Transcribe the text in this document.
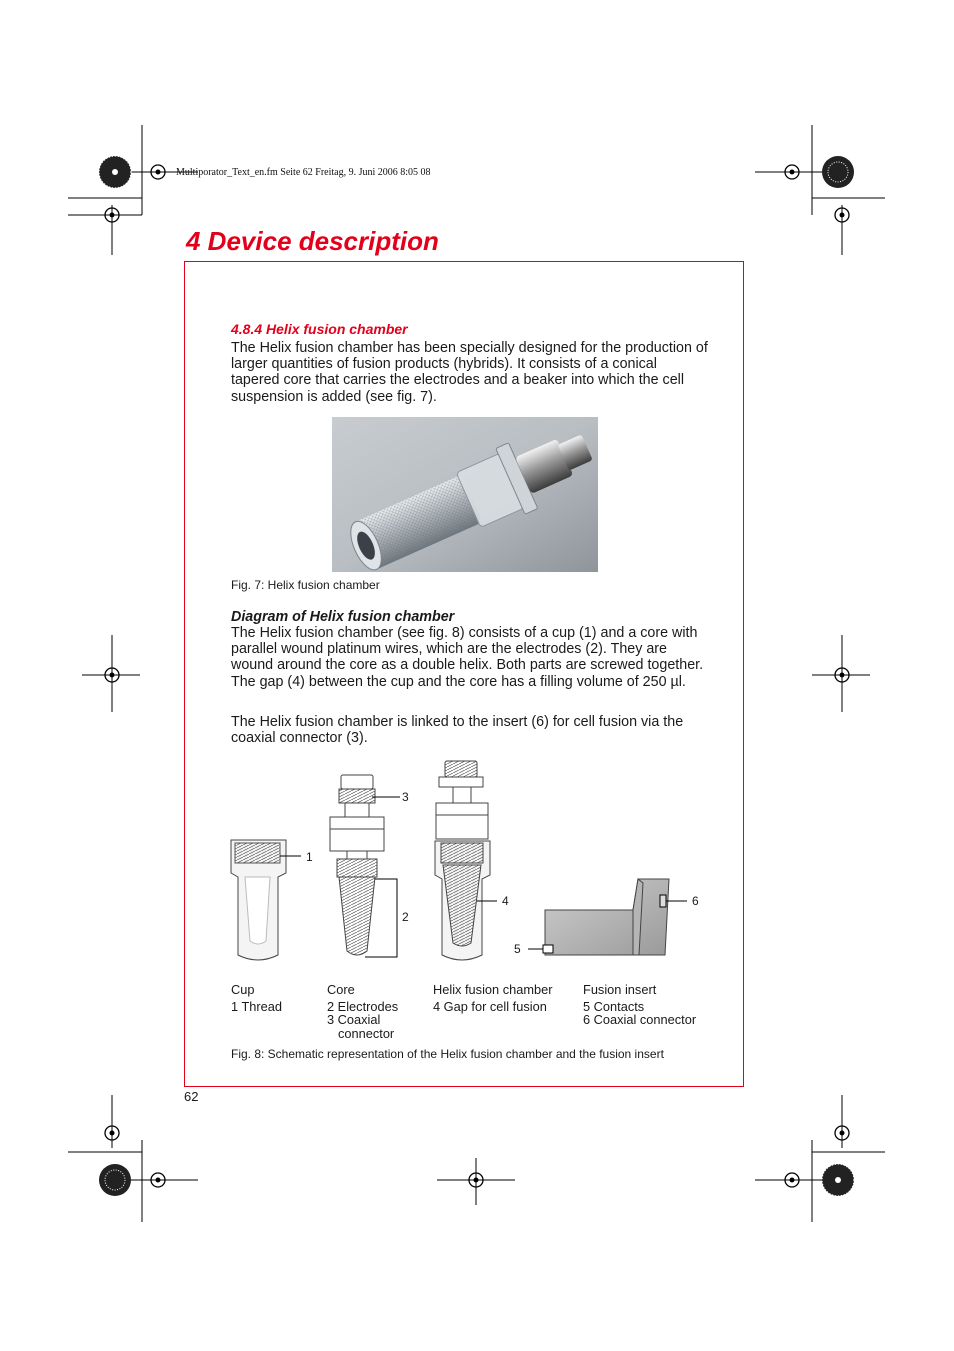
Multiporator_Text_en.fm Seite 62 Freitag, 9. Juni 2006 8:05 08
4 Device description
4.8.4 Helix fusion chamber
The Helix fusion chamber has been specially designed for the production of larger quantities of fusion products (hybrids). It consists of a conical tapered core that carries the electrodes and a beaker into which the cell suspension is added (see fig. 7).
Fig. 7: Helix fusion chamber
Diagram of Helix fusion chamber
The Helix fusion chamber (see fig. 8) consists of a cup (1) and a core with parallel wound platinum wires, which are the electrodes (2). They are wound around the core as a double helix. Both parts are screwed together. The gap (4) between the cup and the core has a filling volume of 250 µl.
The Helix fusion chamber is linked to the insert (6) for cell fusion via the coaxial connector (3).
1
2
3
4
5
6
Cup
1 Thread
Core
2 Electrodes
3 Coaxial
connector
Helix fusion chamber
4 Gap for cell fusion
Fusion insert
5 Contacts
6 Coaxial connector
Fig. 8: Schematic representation of the Helix fusion chamber and the fusion insert
62
